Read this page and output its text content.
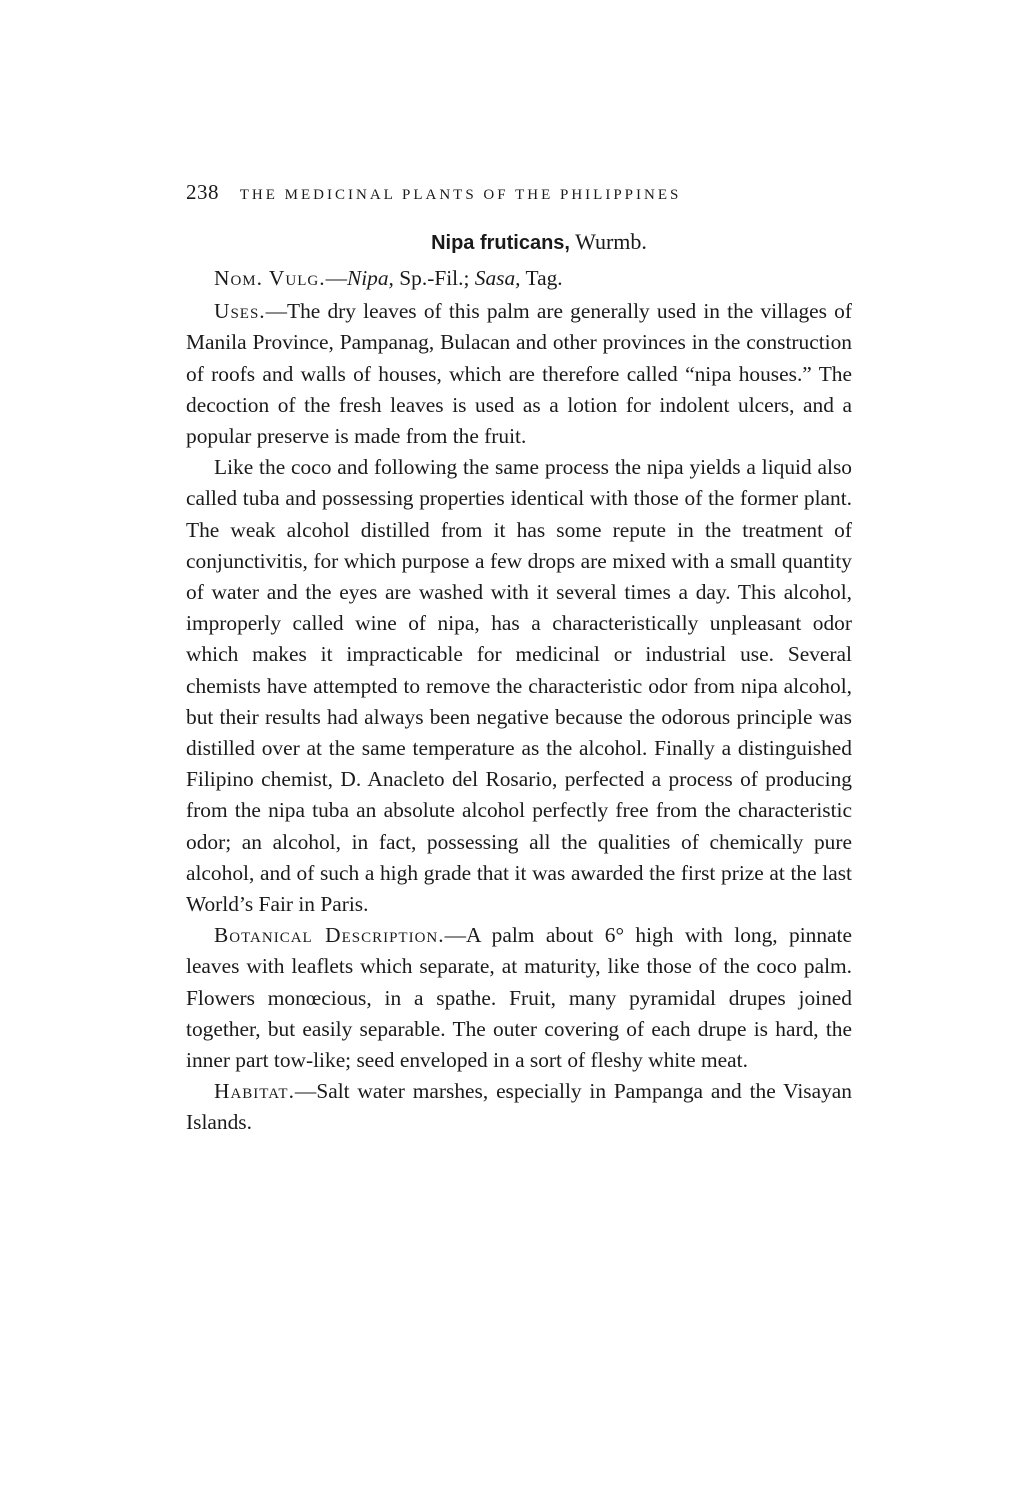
238 THE MEDICINAL PLANTS OF THE PHILIPPINES
Nipa fruticans, Wurmb.

Nom. Vulg.—Nipa, Sp.-Fil.; Sasa, Tag.

Uses.—The dry leaves of this palm are generally used in the villages of Manila Province, Pampanag, Bulacan and other provinces in the construction of roofs and walls of houses, which are therefore called “nipa houses.” The decoction of the fresh leaves is used as a lotion for indolent ulcers, and a popular preserve is made from the fruit.

Like the coco and following the same process the nipa yields a liquid also called tuba and possessing properties identical with those of the former plant. The weak alcohol distilled from it has some repute in the treatment of conjunctivitis, for which purpose a few drops are mixed with a small quantity of water and the eyes are washed with it several times a day. This alcohol, improperly called wine of nipa, has a characteristically unpleasant odor which makes it impracticable for medicinal or industrial use. Several chemists have attempted to remove the characteristic odor from nipa alcohol, but their results had always been negative because the odorous principle was distilled over at the same temperature as the alcohol. Finally a distinguished Filipino chemist, D. Anacleto del Rosario, perfected a process of producing from the nipa tuba an absolute alcohol perfectly free from the characteristic odor; an alcohol, in fact, possessing all the qualities of chemically pure alcohol, and of such a high grade that it was awarded the first prize at the last World’s Fair in Paris.

Botanical Description.—A palm about 6° high with long, pinnate leaves with leaflets which separate, at maturity, like those of the coco palm. Flowers monœcious, in a spathe. Fruit, many pyramidal drupes joined together, but easily separable. The outer covering of each drupe is hard, the inner part tow-like; seed enveloped in a sort of fleshy white meat.

Habitat.—Salt water marshes, especially in Pampanga and the Visayan Islands.
